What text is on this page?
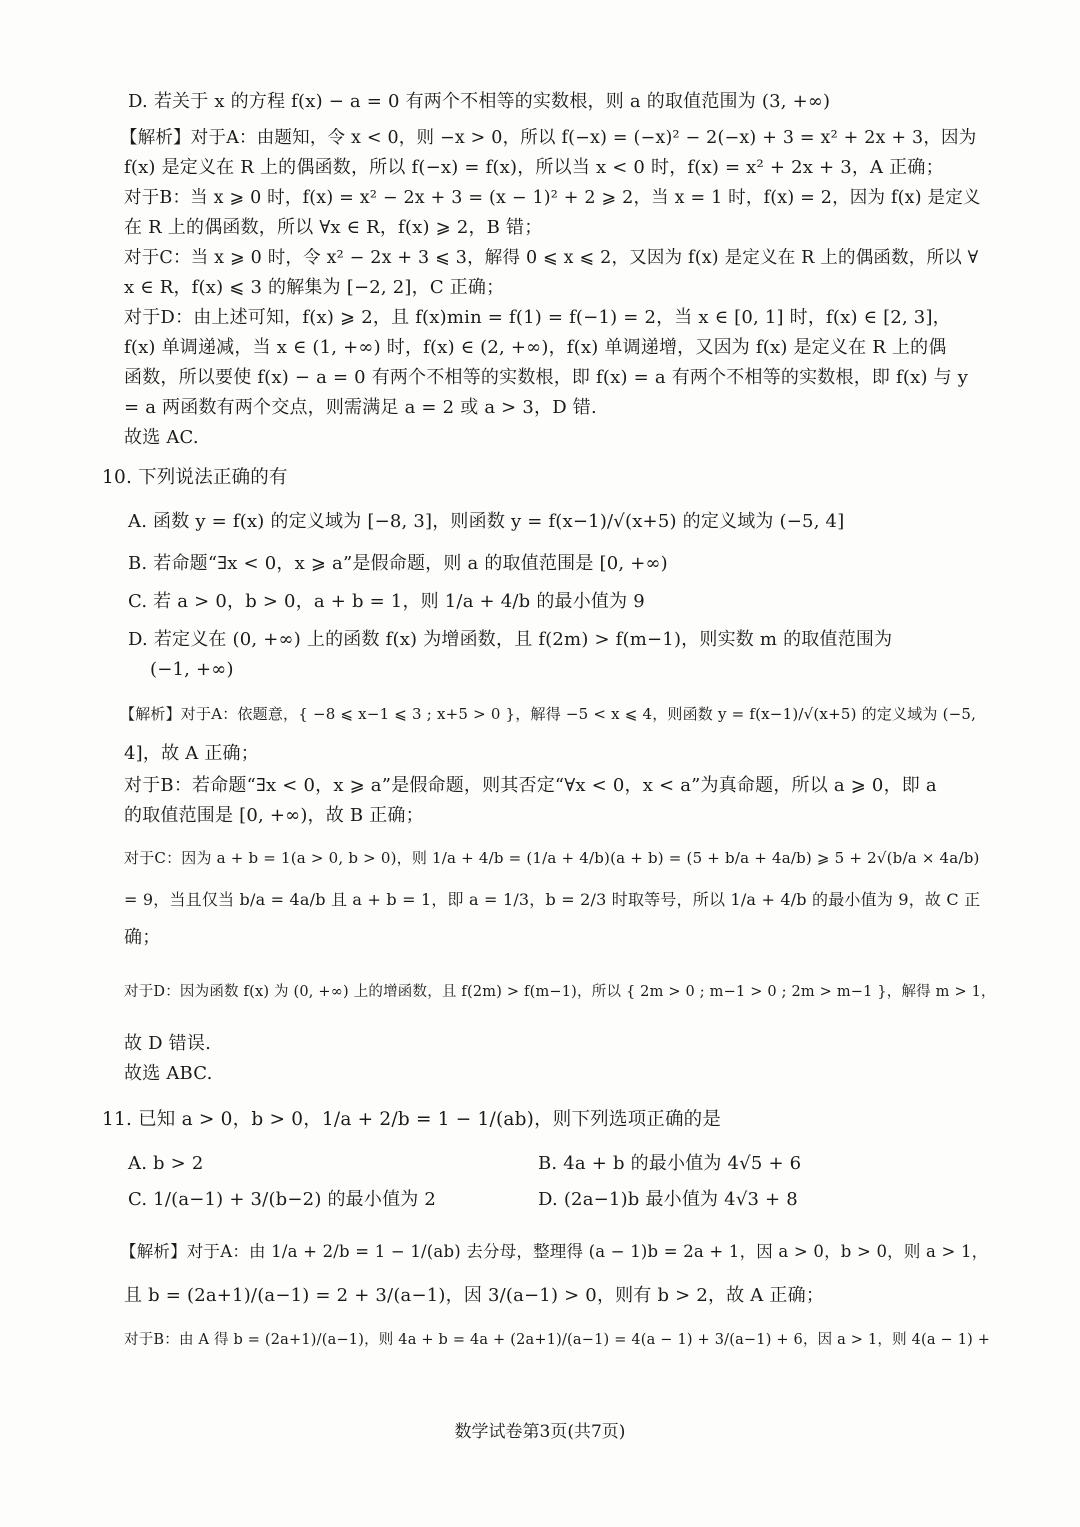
D. 若关于 x 的方程 f(x) − a = 0 有两个不相等的实数根，则 a 的取值范围为 (3, +∞)
【解析】对于A：由题知，令 x < 0，则 −x > 0，所以 f(−x) = (−x)² − 2(−x) + 3 = x² + 2x + 3，因为
f(x) 是定义在 R 上的偶函数，所以 f(−x) = f(x)，所以当 x < 0 时，f(x) = x² + 2x + 3，A 正确；
对于B：当 x ⩾ 0 时，f(x) = x² − 2x + 3 = (x − 1)² + 2 ⩾ 2，当 x = 1 时，f(x) = 2，因为 f(x) 是定义
在 R 上的偶函数，所以 ∀x ∈ R，f(x) ⩾ 2，B 错；
对于C：当 x ⩾ 0 时，令 x² − 2x + 3 ⩽ 3，解得 0 ⩽ x ⩽ 2，又因为 f(x) 是定义在 R 上的偶函数，所以 ∀
x ∈ R，f(x) ⩽ 3 的解集为 [−2, 2]，C 正确；
对于D：由上述可知，f(x) ⩾ 2，且 f(x)min = f(1) = f(−1) = 2，当 x ∈ [0, 1] 时，f(x) ∈ [2, 3]，
f(x) 单调递减，当 x ∈ (1, +∞) 时，f(x) ∈ (2, +∞)，f(x) 单调递增，又因为 f(x) 是定义在 R 上的偶
函数，所以要使 f(x) − a = 0 有两个不相等的实数根，即 f(x) = a 有两个不相等的实数根，即 f(x) 与 y
= a 两函数有两个交点，则需满足 a = 2 或 a > 3，D 错.
故选 AC.
10. 下列说法正确的有
A. 函数 y = f(x) 的定义域为 [−8, 3]，则函数 y = f(x−1)/√(x+5) 的定义域为 (−5, 4]
B. 若命题“∃x < 0，x ⩾ a”是假命题，则 a 的取值范围是 [0, +∞)
C. 若 a > 0，b > 0，a + b = 1，则 1/a + 4/b 的最小值为 9
D. 若定义在 (0, +∞) 上的函数 f(x) 为增函数，且 f(2m) > f(m−1)，则实数 m 的取值范围为
(−1, +∞)
【解析】对于A：依题意，{ −8 ⩽ x−1 ⩽ 3 ; x+5 > 0 }，解得 −5 < x ⩽ 4，则函数 y = f(x−1)/√(x+5) 的定义域为 (−5,
4]，故 A 正确；
对于B：若命题“∃x < 0，x ⩾ a”是假命题，则其否定“∀x < 0，x < a”为真命题，所以 a ⩾ 0，即 a
的取值范围是 [0, +∞)，故 B 正确；
对于C：因为 a + b = 1(a > 0, b > 0)，则 1/a + 4/b = (1/a + 4/b)(a + b) = (5 + b/a + 4a/b) ⩾ 5 + 2√(b/a × 4a/b)
= 9，当且仅当 b/a = 4a/b 且 a + b = 1，即 a = 1/3，b = 2/3 时取等号，所以 1/a + 4/b 的最小值为 9，故 C 正
确；
对于D：因为函数 f(x) 为 (0, +∞) 上的增函数，且 f(2m) > f(m−1)，所以 { 2m > 0 ; m−1 > 0 ; 2m > m−1 }，解得 m > 1，
故 D 错误.
故选 ABC.
11. 已知 a > 0，b > 0，1/a + 2/b = 1 − 1/(ab)，则下列选项正确的是
A. b > 2	B. 4a + b 的最小值为 4√5 + 6
C. 1/(a−1) + 3/(b−2) 的最小值为 2	D. (2a−1)b 最小值为 4√3 + 8
【解析】对于A：由 1/a + 2/b = 1 − 1/(ab) 去分母，整理得 (a − 1)b = 2a + 1，因 a > 0，b > 0，则 a > 1，
且 b = (2a+1)/(a−1) = 2 + 3/(a−1)，因 3/(a−1) > 0，则有 b > 2，故 A 正确；
对于B：由 A 得 b = (2a+1)/(a−1)，则 4a + b = 4a + (2a+1)/(a−1) = 4(a − 1) + 3/(a−1) + 6，因 a > 1，则 4(a − 1) +
数学试卷第3页(共7页)
